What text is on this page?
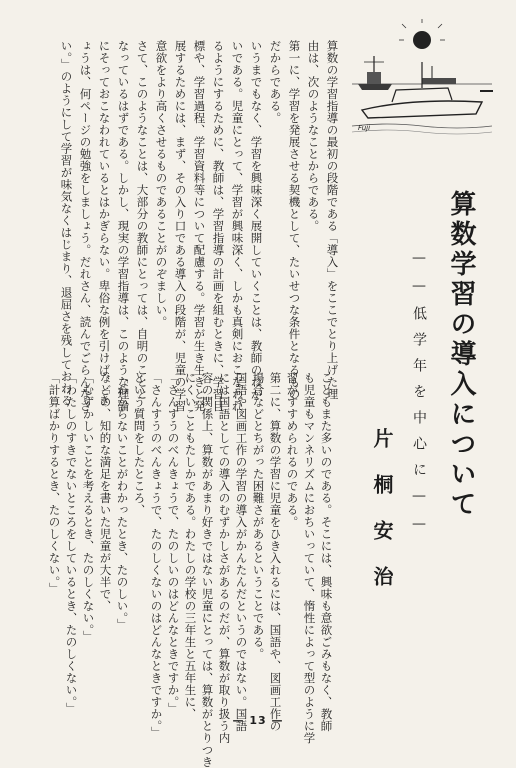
Fuji
算数学習の導入について
——低学年を中心に——
片桐安治
算数の学習指導の最初の段階である「導入」をここでとり上げた理
由は、次のようなことからである。
第一に、学習を発展させる契機として、たいせつな条件となるもの
だからである。
いうまでもなく、学習を興味深く展開していくことは、教師のねが
いである。児童にとって、学習が興味深く、しかも真剣におこなわれ
るようにするために、教師は、学習指導の計画を組むときに、学習目
標や、学習過程、学習資料等について配慮する。学習が生き生きと発
展するためには、まず、その入り口である導入の段階が、児童の学習
意欲をより高くさせるものであることがのぞましい。
さて、このようなことは、大部分の教師にとっては、自明のことと
なっているはずである。しかし、現実の学習指導は、このような理論
にそっておこなわれているとはかぎらない。卑俗な例を引けば、「き
ょうは、何ページの勉強をしましょう。だれさん、読んでごらんなさ
い。」のようにして学習が味気なくはじまり、退屈さを残しておわる
こともまた多いのである。そこには、興味も意欲ごみもなく、教師
も児童もマンネリズムにおちいっていて、惰性によって型のように学
習がすすめられるのである。
第二に、算数の学習に児童をひき入れるには、国語や、図画工作の
場合などとちがった困難さがあるということである。
国語や図画工作の学習の導入がかんたんだというのではない。国語
には国語としての導入のむずかしさがあるのだが、算数が取り扱う内
容の関係上、算数があまり好きではない児童にとっては、算数がとりつき
にくいこともたしかである。わたしの学校の三年生と五年生に、
「さんすうのべんきょうで、たのしいのはどんなときですか。」
「さんすうのべんきょうで、たのしくないのはどんなときですか。」
という質問をしたところ、
「わからないことがわかったとき、たのしい。」
などの、知的な満足を書いた児童が大半で、
「むずかしいことを考えるとき、たのしくない。」
「わたしのすきでないところをしているとき、たのしくない。」
「計算ばかりするとき、たのしくない。」
— 13 —
